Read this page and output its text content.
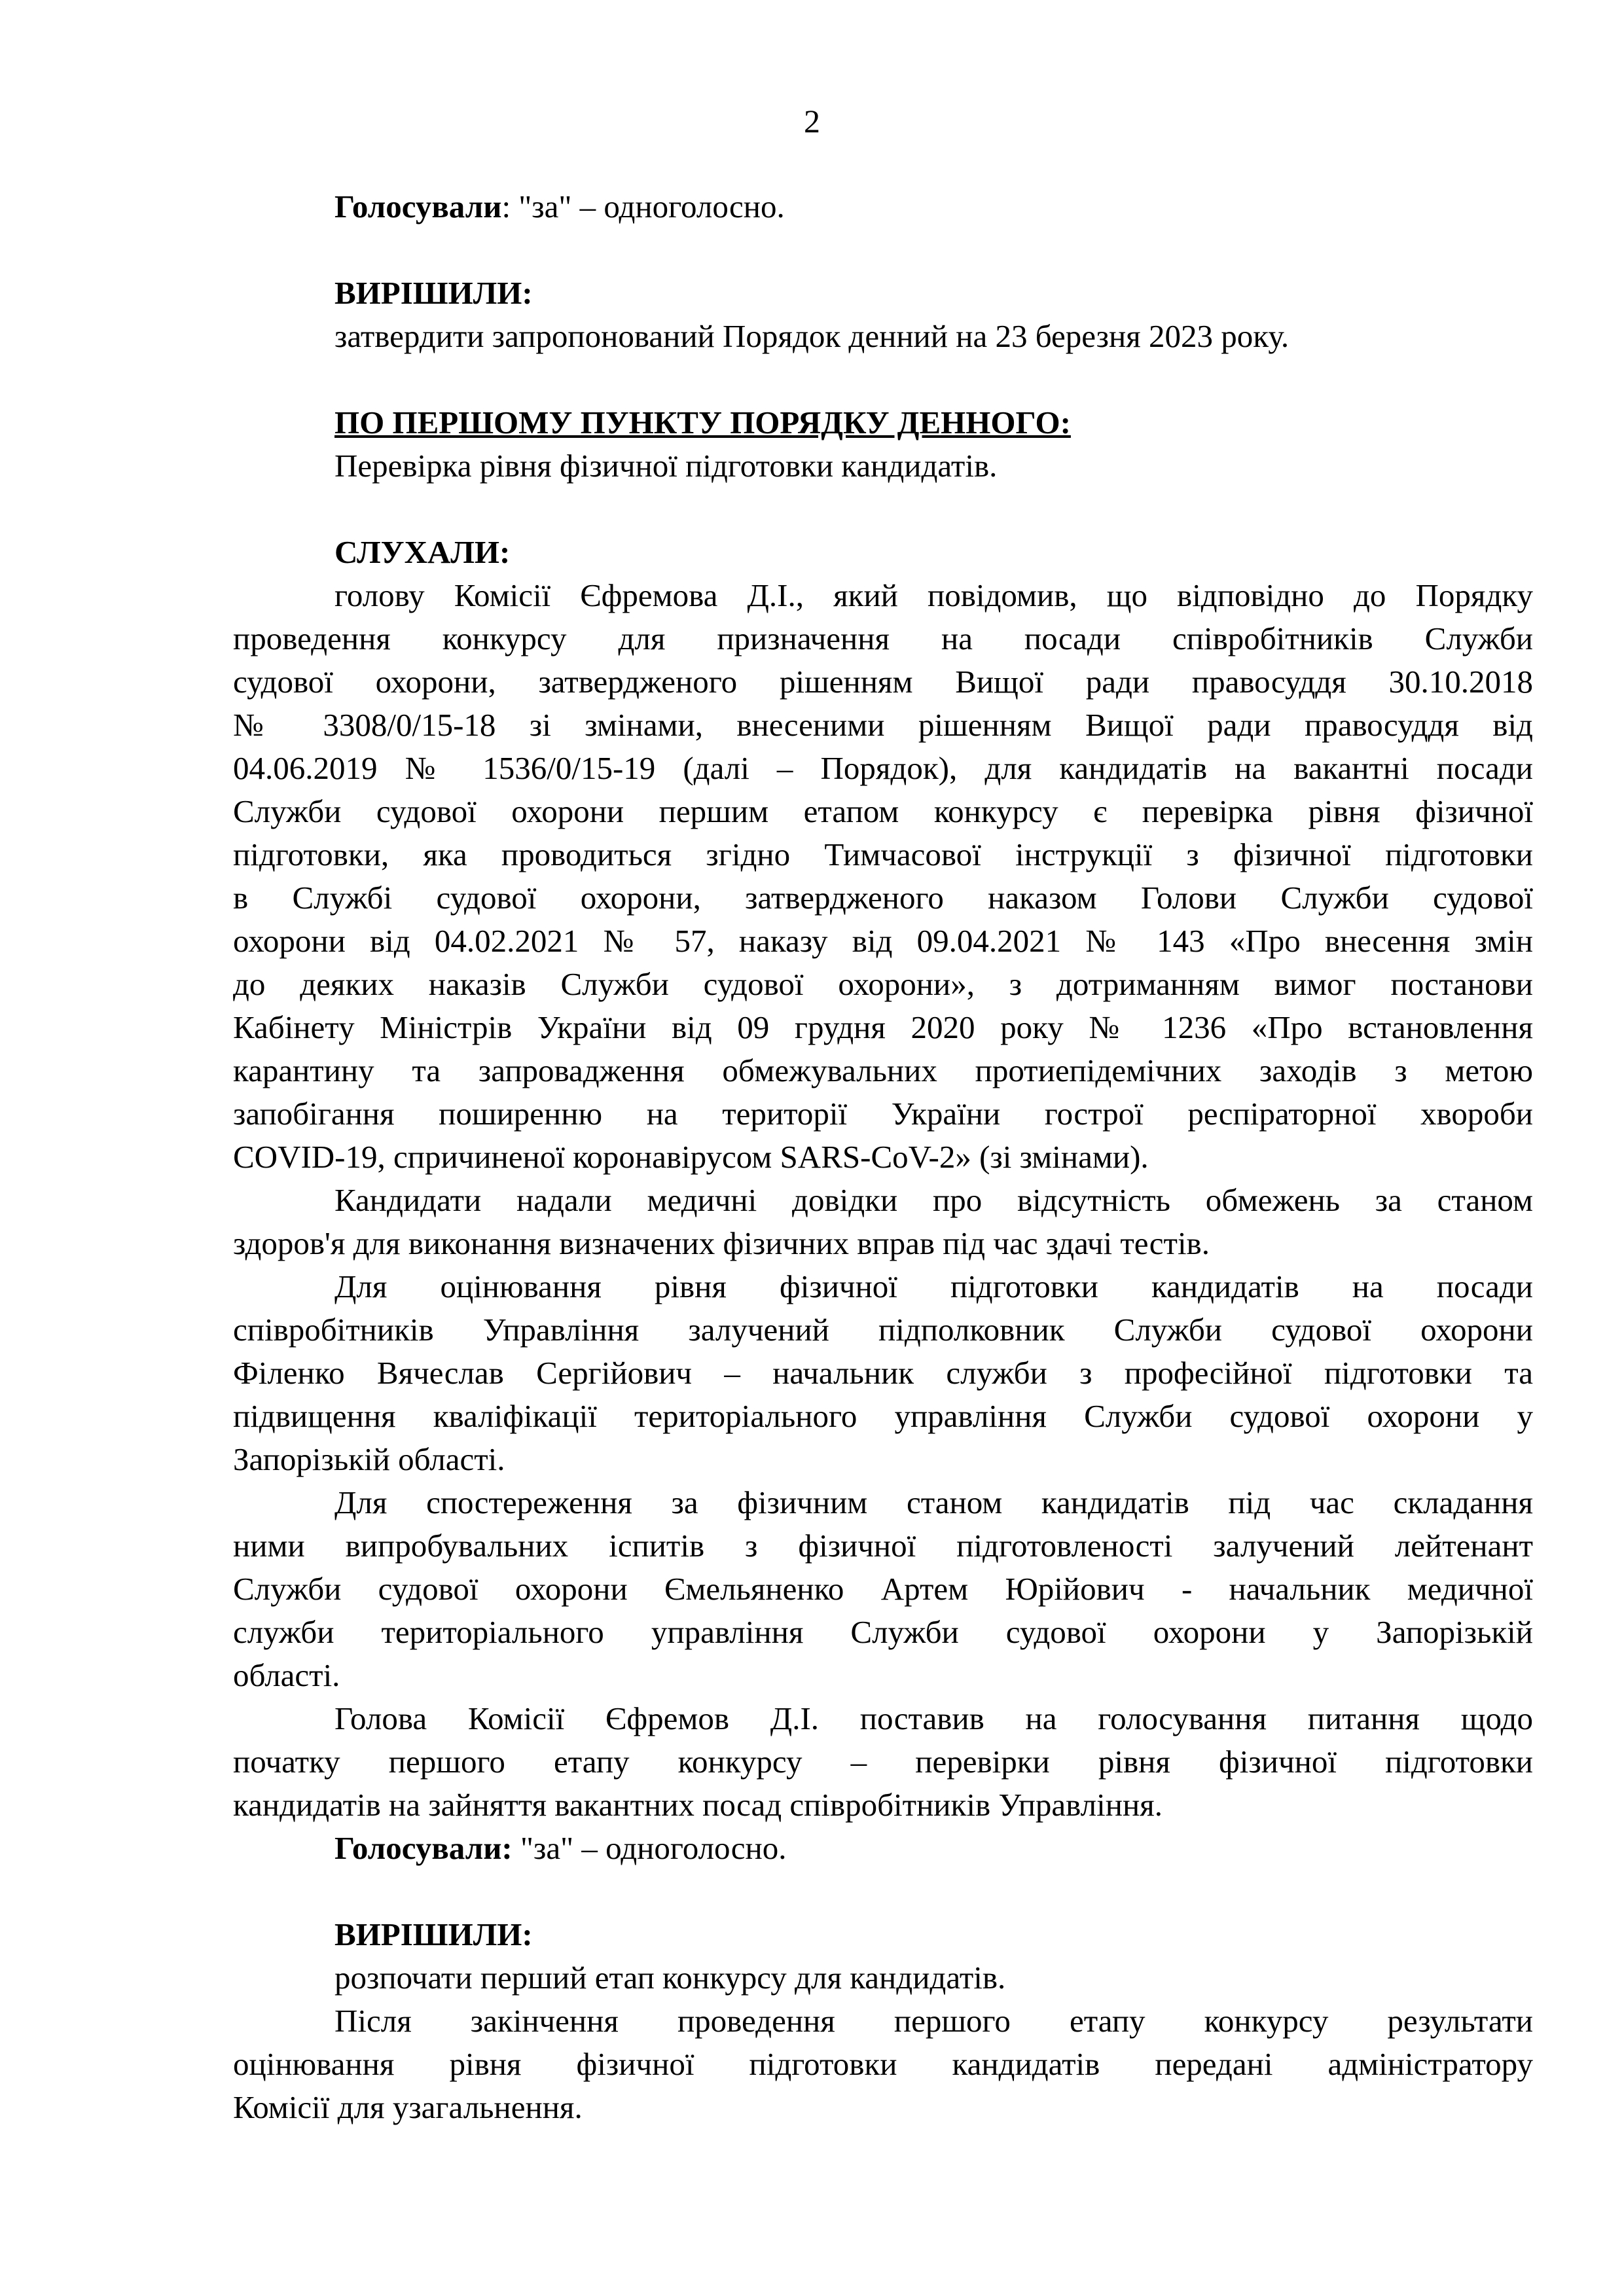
2
Голосували: "за" – одноголосно.
ВИРІШИЛИ:
затвердити запропонований Порядок денний на 23 березня 2023 року.
ПО ПЕРШОМУ ПУНКТУ ПОРЯДКУ ДЕННОГО:
Перевірка рівня фізичної підготовки кандидатів.
СЛУХАЛИ:
голову Комісії Єфремова Д.І., який повідомив, що відповідно до Порядку
проведення конкурсу для призначення на посади співробітників Служби
судової охорони, затвердженого рішенням Вищої ради правосуддя 30.10.2018
№ 3308/0/15-18 зі змінами, внесеними рішенням Вищої ради правосуддя від
04.06.2019 № 1536/0/15-19 (далі – Порядок), для кандидатів на вакантні посади
Служби судової охорони першим етапом конкурсу є перевірка рівня фізичної
підготовки, яка проводиться згідно Тимчасової інструкції з фізичної підготовки
в Службі судової охорони, затвердженого наказом Голови Служби судової
охорони від 04.02.2021 № 57, наказу від 09.04.2021 № 143 «Про внесення змін
до деяких наказів Служби судової охорони», з дотриманням вимог постанови
Кабінету Міністрів України від 09 грудня 2020 року № 1236 «Про встановлення
карантину та запровадження обмежувальних протиепідемічних заходів з метою
запобігання поширенню на території України гострої респіраторної хвороби
COVID-19, спричиненої коронавірусом SARS-CoV-2» (зі змінами).
Кандидати надали медичні довідки про відсутність обмежень за станом
здоров'я для виконання визначених фізичних вправ під час здачі тестів.
Для оцінювання рівня фізичної підготовки кандидатів на посади
співробітників Управління залучений підполковник Служби судової охорони
Філенко Вячеслав Сергійович – начальник служби з професійної підготовки та
підвищення кваліфікації територіального управління Служби судової охорони у
Запорізькій області.
Для спостереження за фізичним станом кандидатів під час складання
ними випробувальних іспитів з фізичної підготовленості залучений лейтенант
Служби судової охорони Ємельяненко Артем Юрійович - начальник медичної
служби територіального управління Служби судової охорони у Запорізькій
області.
Голова Комісії Єфремов Д.І. поставив на голосування питання щодо
початку першого етапу конкурсу – перевірки рівня фізичної підготовки
кандидатів на зайняття вакантних посад співробітників Управління.
Голосували: "за" – одноголосно.
ВИРІШИЛИ:
розпочати перший етап конкурсу для кандидатів.
Після закінчення проведення першого етапу конкурсу результати
оцінювання рівня фізичної підготовки кандидатів передані адміністратору
Комісії для узагальнення.
